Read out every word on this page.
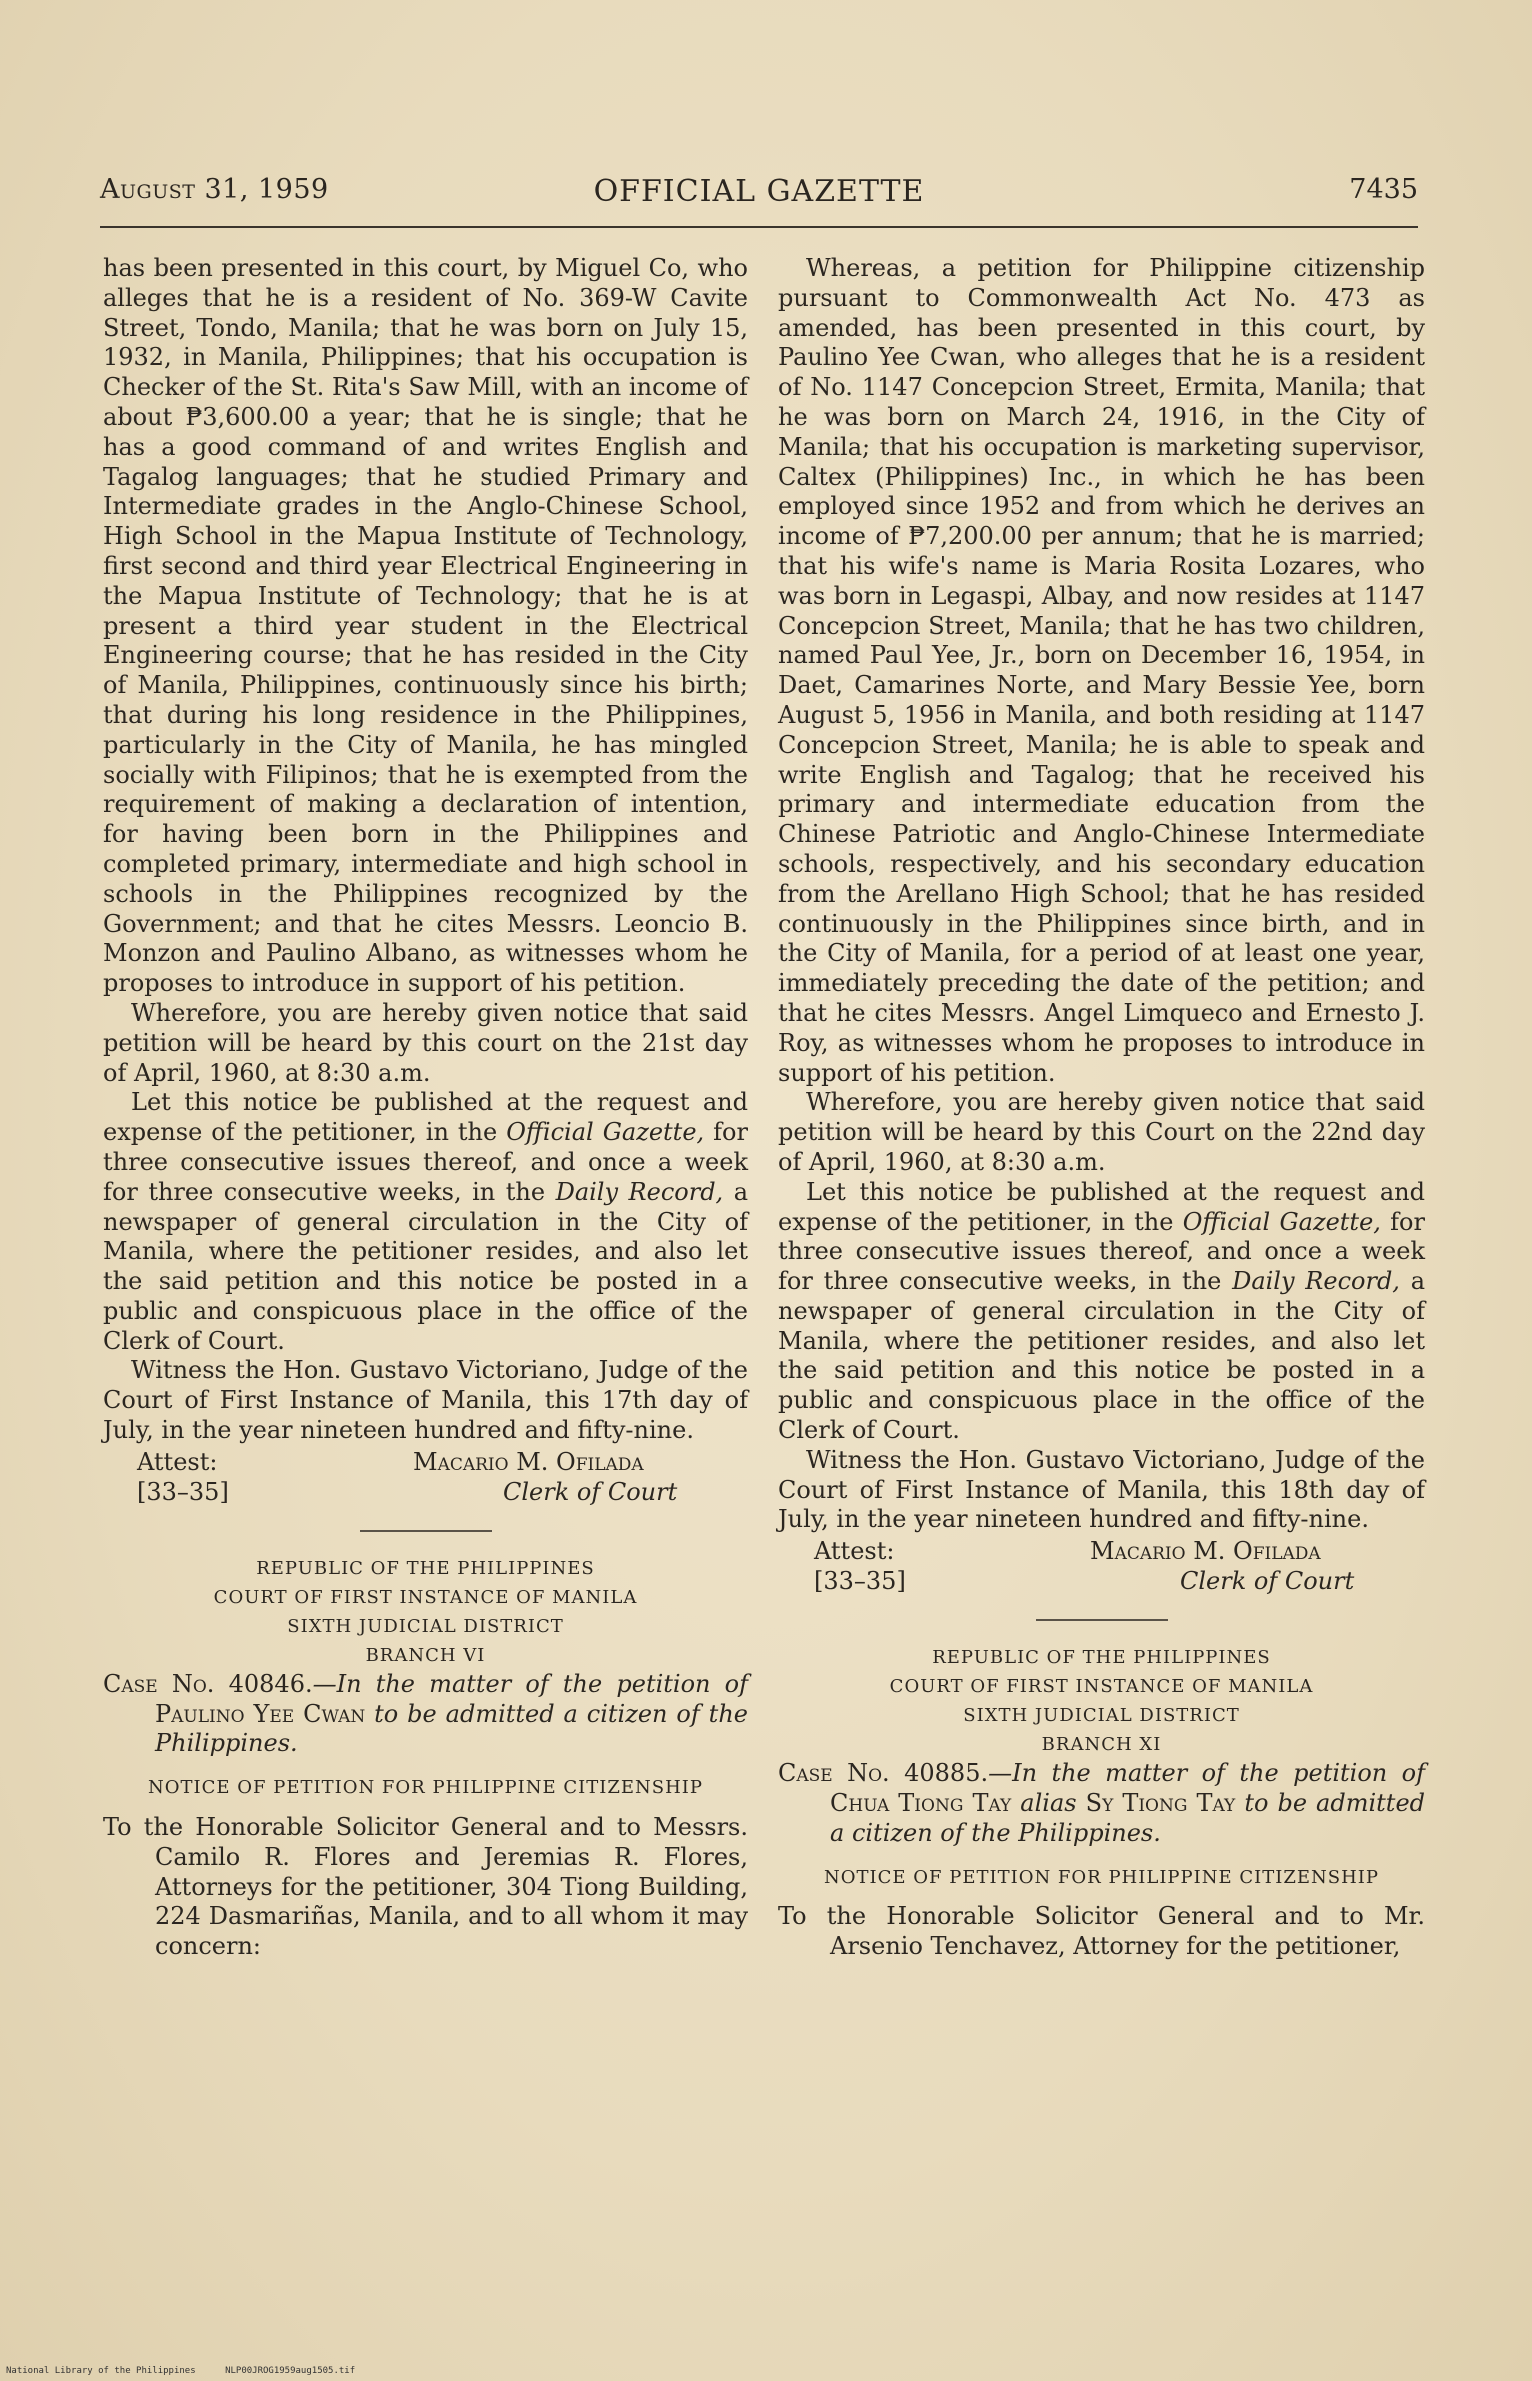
August 31, 1959	OFFICIAL GAZETTE	7435

has been presented in this court, by Miguel Co, who alleges that he is a resident of No. 369-W Cavite Street, Tondo, Manila; that he was born on July 15, 1932, in Manila, Philippines; that his occupation is Checker of the St. Rita's Saw Mill, with an income of about ₱3,600.00 a year; that he is single; that he has a good command of and writes English and Tagalog languages; that he studied Primary and Intermediate grades in the Anglo-Chinese School, High School in the Mapua Institute of Technology, first second and third year Electrical Engineering in the Mapua Institute of Technology; that he is at present a third year student in the Electrical Engineering course; that he has resided in the City of Manila, Philippines, continuously since his birth; that during his long residence in the Philippines, particularly in the City of Manila, he has mingled socially with Filipinos; that he is exempted from the requirement of making a declaration of intention, for having been born in the Philippines and completed primary, intermediate and high school in schools in the Philippines recognized by the Government; and that he cites Messrs. Leoncio B. Monzon and Paulino Albano, as witnesses whom he proposes to introduce in support of his petition.

Wherefore, you are hereby given notice that said petition will be heard by this court on the 21st day of April, 1960, at 8:30 a.m.

Let this notice be published at the request and expense of the petitioner, in the Official Gazette, for three consecutive issues thereof, and once a week for three consecutive weeks, in the Daily Record, a newspaper of general circulation in the City of Manila, where the petitioner resides, and also let the said petition and this notice be posted in a public and conspicuous place in the office of the Clerk of Court.

Witness the Hon. Gustavo Victoriano, Judge of the Court of First Instance of Manila, this 17th day of July, in the year nineteen hundred and fifty-nine.

Attest:
[33–35]
Macario M. Ofilada
Clerk of Court
REPUBLIC OF THE PHILIPPINES
COURT OF FIRST INSTANCE OF MANILA
SIXTH JUDICIAL DISTRICT
BRANCH VI

Case No. 40846.—In the matter of the petition of Paulino Yee Cwan to be admitted a citizen of the Philippines.

NOTICE OF PETITION FOR PHILIPPINE CITIZENSHIP

To the Honorable Solicitor General and to Messrs. Camilo R. Flores and Jeremias R. Flores, Attorneys for the petitioner, 304 Tiong Building, 224 Dasmariñas, Manila, and to all whom it may concern:

Whereas, a petition for Philippine citizenship pursuant to Commonwealth Act No. 473 as amended, has been presented in this court, by Paulino Yee Cwan, who alleges that he is a resident of No. 1147 Concepcion Street, Ermita, Manila; that he was born on March 24, 1916, in the City of Manila; that his occupation is marketing supervisor, Caltex (Philippines) Inc., in which he has been employed since 1952 and from which he derives an income of ₱7,200.00 per annum; that he is married; that his wife's name is Maria Rosita Lozares, who was born in Legaspi, Albay, and now resides at 1147 Concepcion Street, Manila; that he has two children, named Paul Yee, Jr., born on December 16, 1954, in Daet, Camarines Norte, and Mary Bessie Yee, born August 5, 1956 in Manila, and both residing at 1147 Concepcion Street, Manila; he is able to speak and write English and Tagalog; that he received his primary and intermediate education from the Chinese Patriotic and Anglo-Chinese Intermediate schools, respectively, and his secondary education from the Arellano High School; that he has resided continuously in the Philippines since birth, and in the City of Manila, for a period of at least one year, immediately preceding the date of the petition; and that he cites Messrs. Angel Limqueco and Ernesto J. Roy, as witnesses whom he proposes to introduce in support of his petition.

Wherefore, you are hereby given notice that said petition will be heard by this Court on the 22nd day of April, 1960, at 8:30 a.m.

Let this notice be published at the request and expense of the petitioner, in the Official Gazette, for three consecutive issues thereof, and once a week for three consecutive weeks, in the Daily Record, a newspaper of general circulation in the City of Manila, where the petitioner resides, and also let the said petition and this notice be posted in a public and conspicuous place in the office of the Clerk of Court.

Witness the Hon. Gustavo Victoriano, Judge of the Court of First Instance of Manila, this 18th day of July, in the year nineteen hundred and fifty-nine.

Attest:
[33–35]
Macario M. Ofilada
Clerk of Court
REPUBLIC OF THE PHILIPPINES
COURT OF FIRST INSTANCE OF MANILA
SIXTH JUDICIAL DISTRICT
BRANCH XI

Case No. 40885.—In the matter of the petition of Chua Tiong Tay alias Sy Tiong Tay to be admitted a citizen of the Philippines.

NOTICE OF PETITION FOR PHILIPPINE CITIZENSHIP

To the Honorable Solicitor General and to Mr. Arsenio Tenchavez, Attorney for the petitioner,

National Library of the Philippines	NLP00JROG1959aug1505.tif
